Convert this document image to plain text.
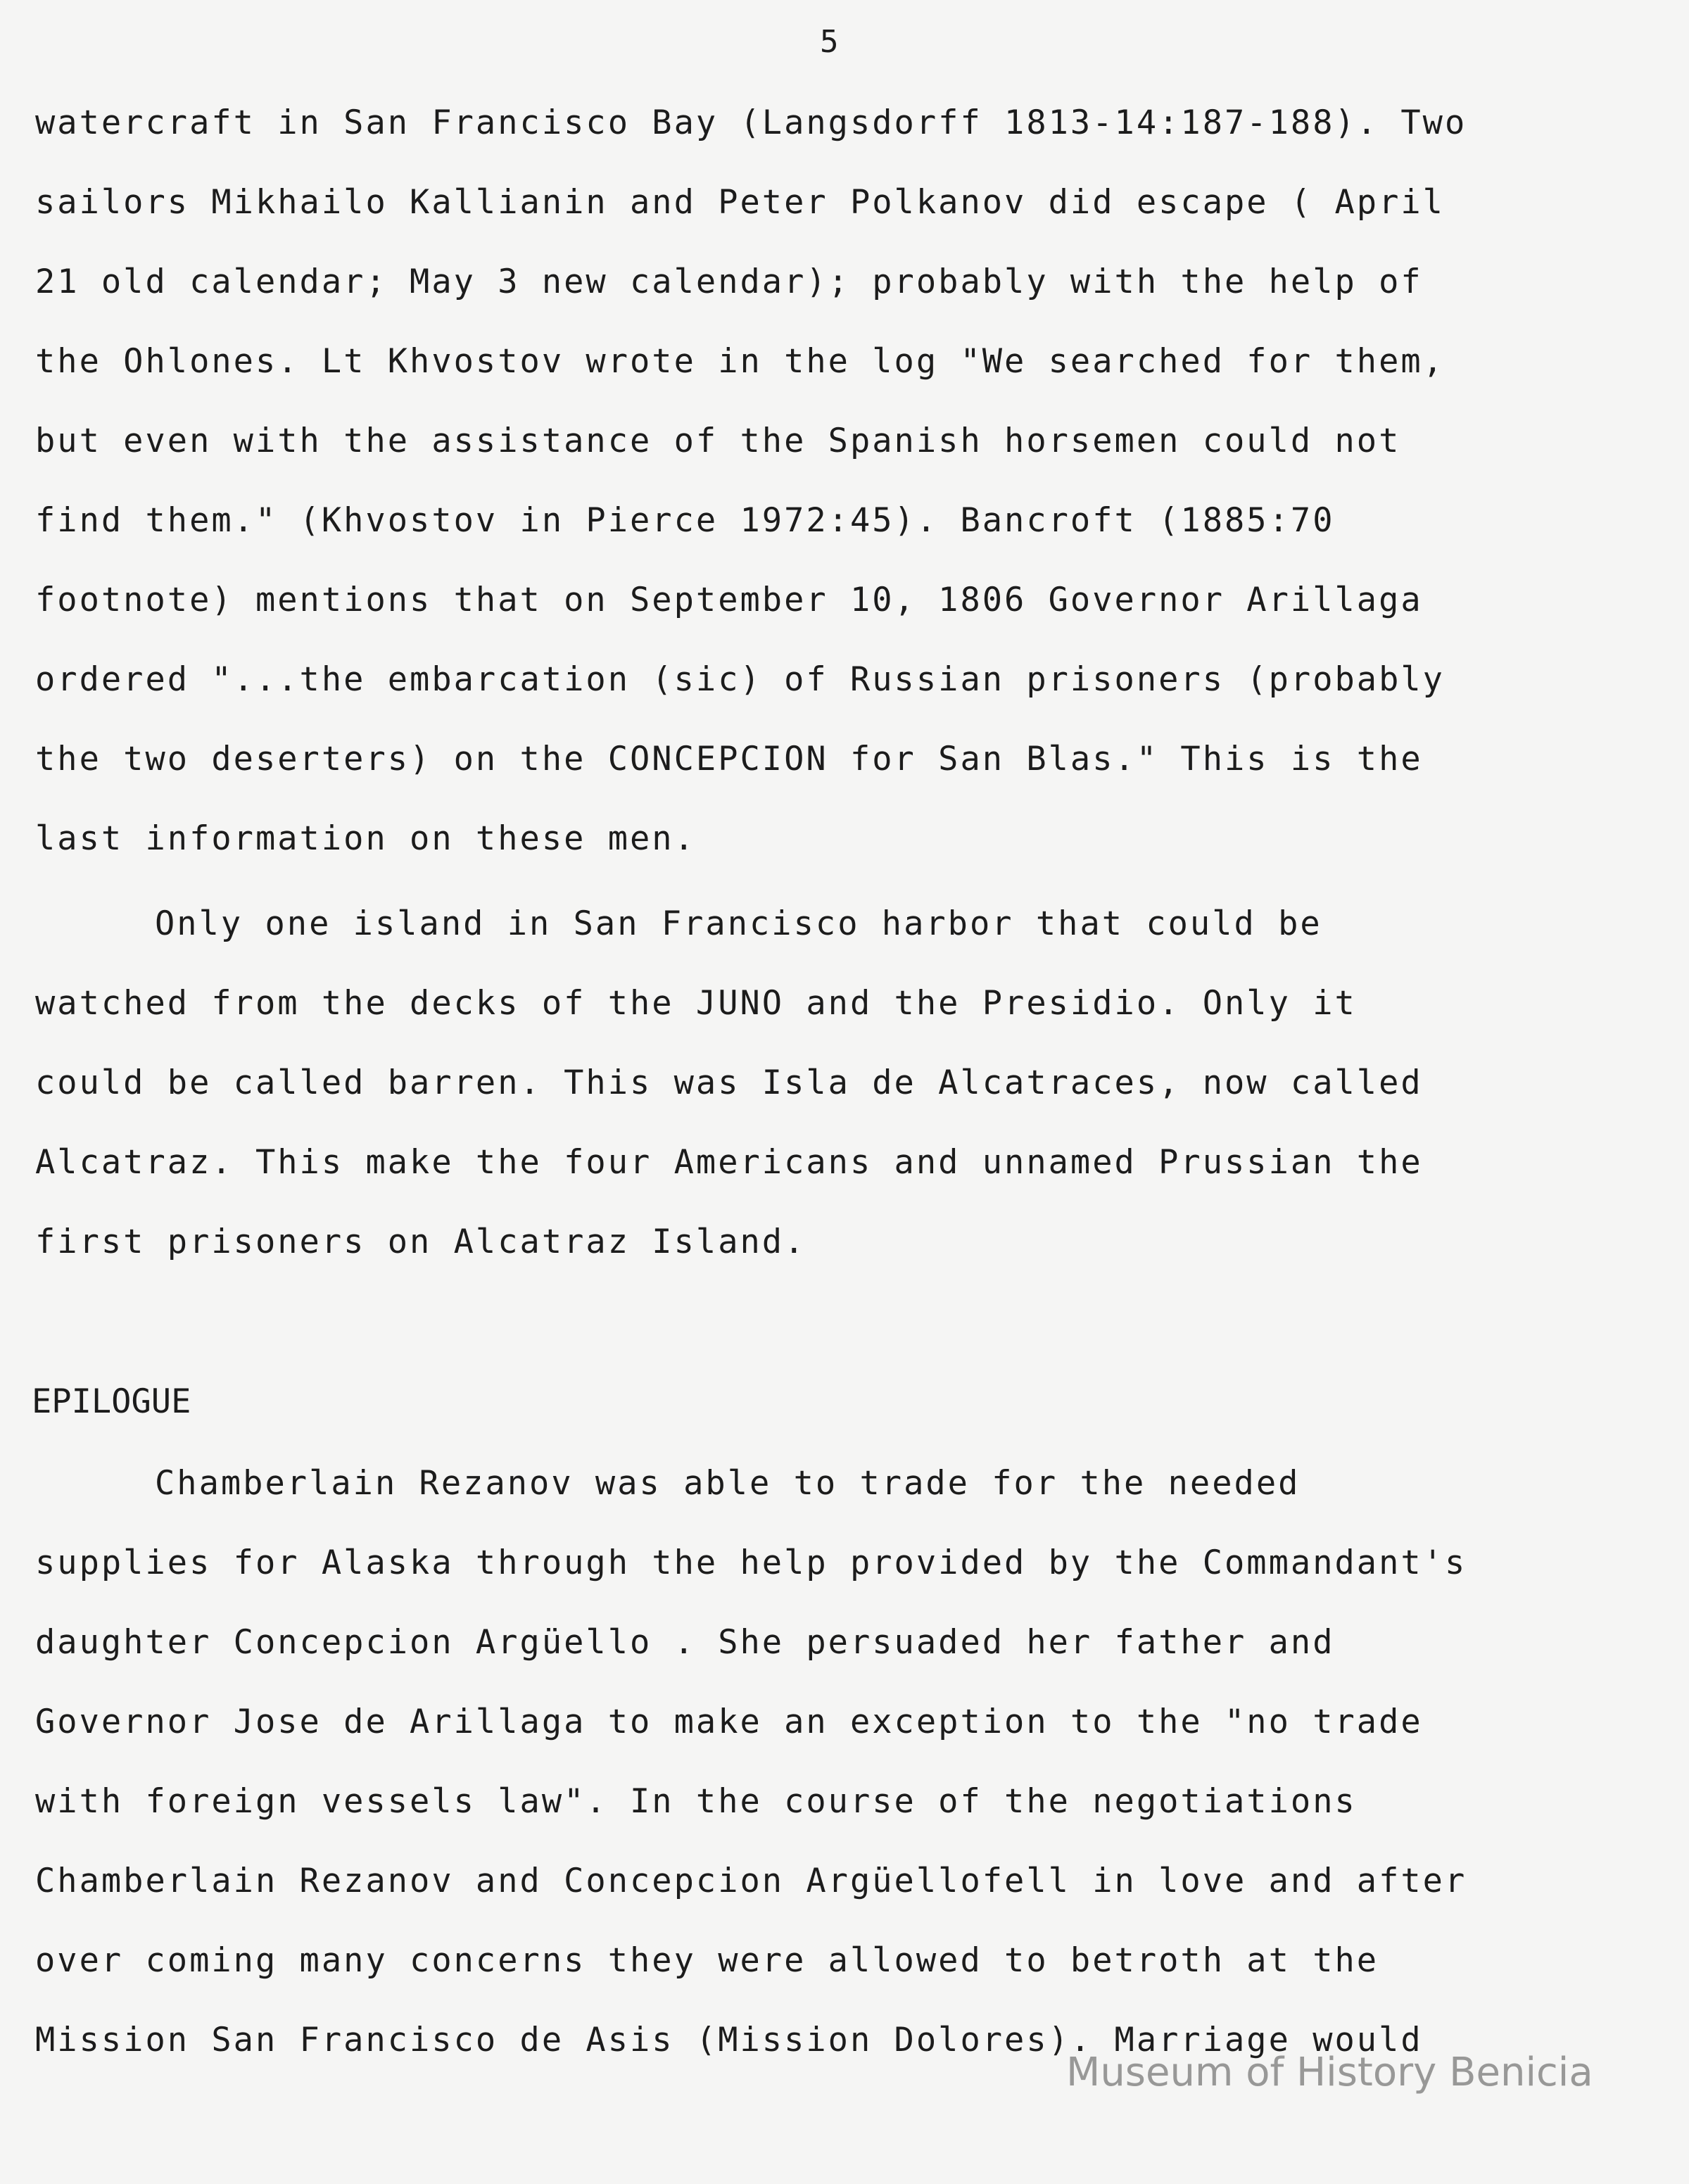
5
watercraft in San Francisco Bay (Langsdorff 1813-14:187-188). Two
sailors Mikhailo Kallianin and Peter Polkanov did escape ( April
21 old calendar; May 3 new calendar); probably with the help of
the Ohlones. Lt Khvostov wrote in the log "We searched for them,
but even with the assistance of the Spanish horsemen could not
find them." (Khvostov in Pierce 1972:45). Bancroft (1885:70
footnote) mentions that on September 10, 1806 Governor Arillaga
ordered "...the embarcation (sic) of Russian prisoners (probably
the two deserters) on the CONCEPCION for San Blas." This is the
last information on these men.
Only one island in San Francisco harbor that could be
watched from the decks of the JUNO and the Presidio. Only it
could be called barren. This was Isla de Alcatraces, now called
Alcatraz. This make the four Americans and unnamed Prussian the
first prisoners on Alcatraz Island.
EPILOGUE
Chamberlain Rezanov was able to trade for the needed
supplies for Alaska through the help provided by the Commandant's
daughter Concepcion Argüello . She persuaded her father and
Governor Jose de Arillaga to make an exception to the "no trade
with foreign vessels law". In the course of the negotiations
Chamberlain Rezanov and Concepcion Argüellofell in love and after
over coming many concerns they were allowed to betroth at the
Mission San Francisco de Asis (Mission Dolores). Marriage would
Museum of History Benicia
